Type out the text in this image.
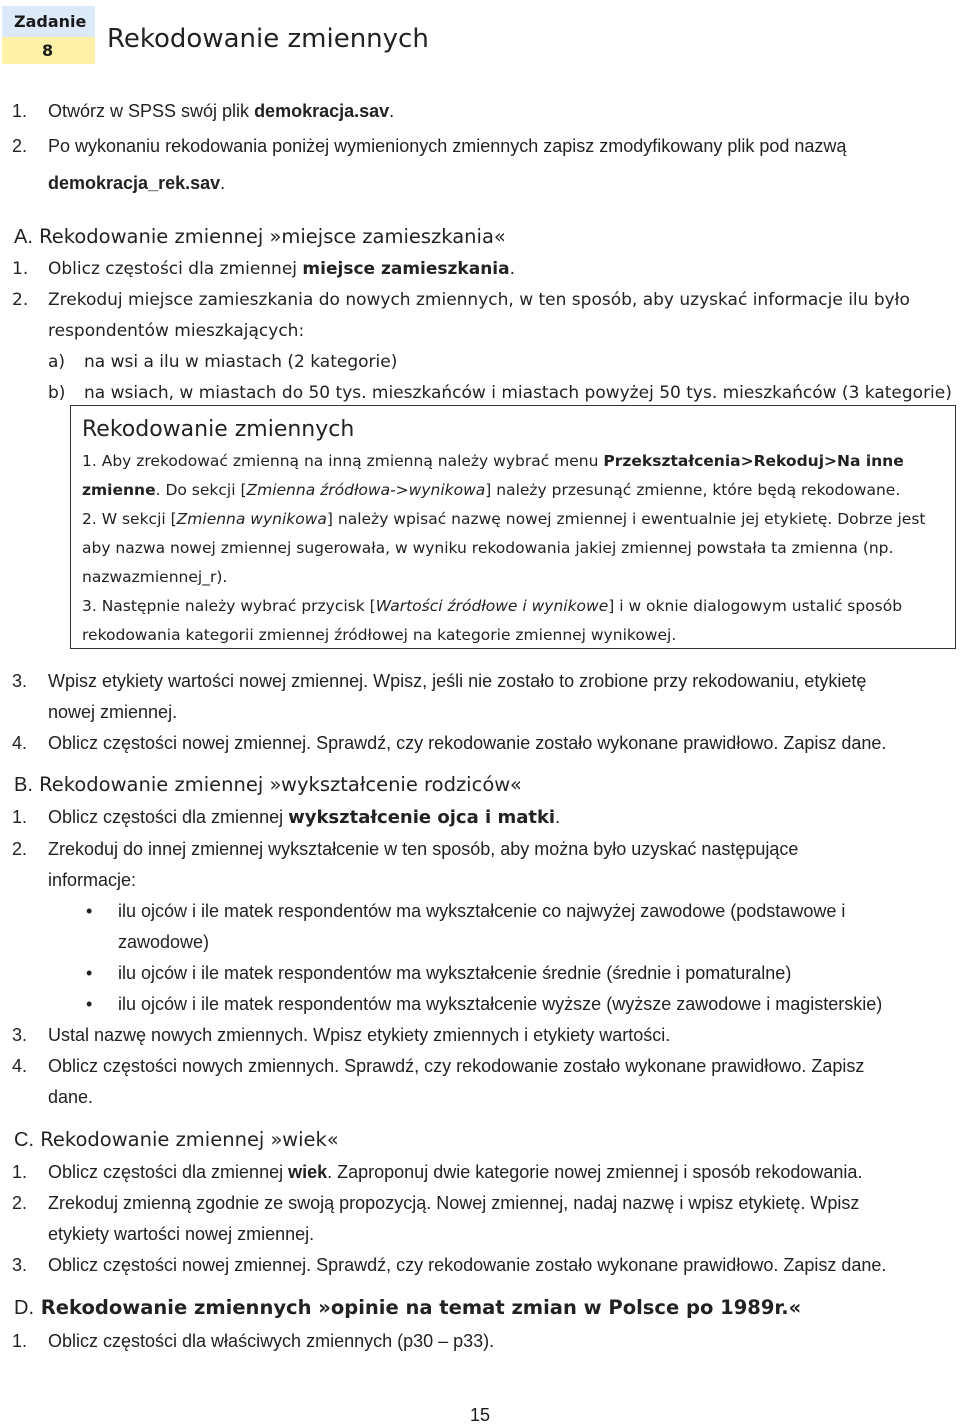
Zadanie
8	Rekodowanie zmiennych
1. Otwórz w SPSS swój plik demokracja.sav.
2. Po wykonaniu rekodowania poniżej wymienionych zmiennych zapisz zmodyfikowany plik pod nazwą
demokracja_rek.sav.
A. Rekodowanie zmiennej »miejsce zamieszkania«
1. Oblicz częstości dla zmiennej miejsce zamieszkania.
2. Zrekoduj miejsce zamieszkania do nowych zmiennych, w ten sposób, aby uzyskać informacje ilu było
respondentów mieszkających:
a) na wsi a ilu w miastach (2 kategorie)
b) na wsiach, w miastach do 50 tys. mieszkańców i miastach powyżej 50 tys. mieszkańców (3 kategorie)
Rekodowanie zmiennych
1. Aby zrekodować zmienną na inną zmienną należy wybrać menu Przekształcenia>Rekoduj>Na inne
zmienne. Do sekcji [Zmienna źródłowa->wynikowa] należy przesunąć zmienne, które będą rekodowane.
2. W sekcji [Zmienna wynikowa] należy wpisać nazwę nowej zmiennej i ewentualnie jej etykietę. Dobrze jest
aby nazwa nowej zmiennej sugerowała, w wyniku rekodowania jakiej zmiennej powstała ta zmienna (np.
nazwazmiennej_r).
3. Następnie należy wybrać przycisk [Wartości źródłowe i wynikowe] i w oknie dialogowym ustalić sposób
rekodowania kategorii zmiennej źródłowej na kategorie zmiennej wynikowej.
3. Wpisz etykiety wartości nowej zmiennej. Wpisz, jeśli nie zostało to zrobione przy rekodowaniu, etykietę
nowej zmiennej.
4. Oblicz częstości nowej zmiennej. Sprawdź, czy rekodowanie zostało wykonane prawidłowo. Zapisz dane.
B. Rekodowanie zmiennej »wykształcenie rodziców«
1. Oblicz częstości dla zmiennej wykształcenie ojca i matki.
2. Zrekoduj do innej zmiennej wykształcenie w ten sposób, aby można było uzyskać następujące
informacje:
• ilu ojców i ile matek respondentów ma wykształcenie co najwyżej zawodowe (podstawowe i
zawodowe)
• ilu ojców i ile matek respondentów ma wykształcenie średnie (średnie i pomaturalne)
• ilu ojców i ile matek respondentów ma wykształcenie wyższe (wyższe zawodowe i magisterskie)
3. Ustal nazwę nowych zmiennych. Wpisz etykiety zmiennych i etykiety wartości.
4. Oblicz częstości nowych zmiennych. Sprawdź, czy rekodowanie zostało wykonane prawidłowo. Zapisz
dane.
C. Rekodowanie zmiennej »wiek«
1. Oblicz częstości dla zmiennej wiek. Zaproponuj dwie kategorie nowej zmiennej i sposób rekodowania.
2. Zrekoduj zmienną zgodnie ze swoją propozycją. Nowej zmiennej, nadaj nazwę i wpisz etykietę. Wpisz
etykiety wartości nowej zmiennej.
3. Oblicz częstości nowej zmiennej. Sprawdź, czy rekodowanie zostało wykonane prawidłowo. Zapisz dane.
D. Rekodowanie zmiennych »opinie na temat zmian w Polsce po 1989r.«
1. Oblicz częstości dla właściwych zmiennych (p30 – p33).
15
